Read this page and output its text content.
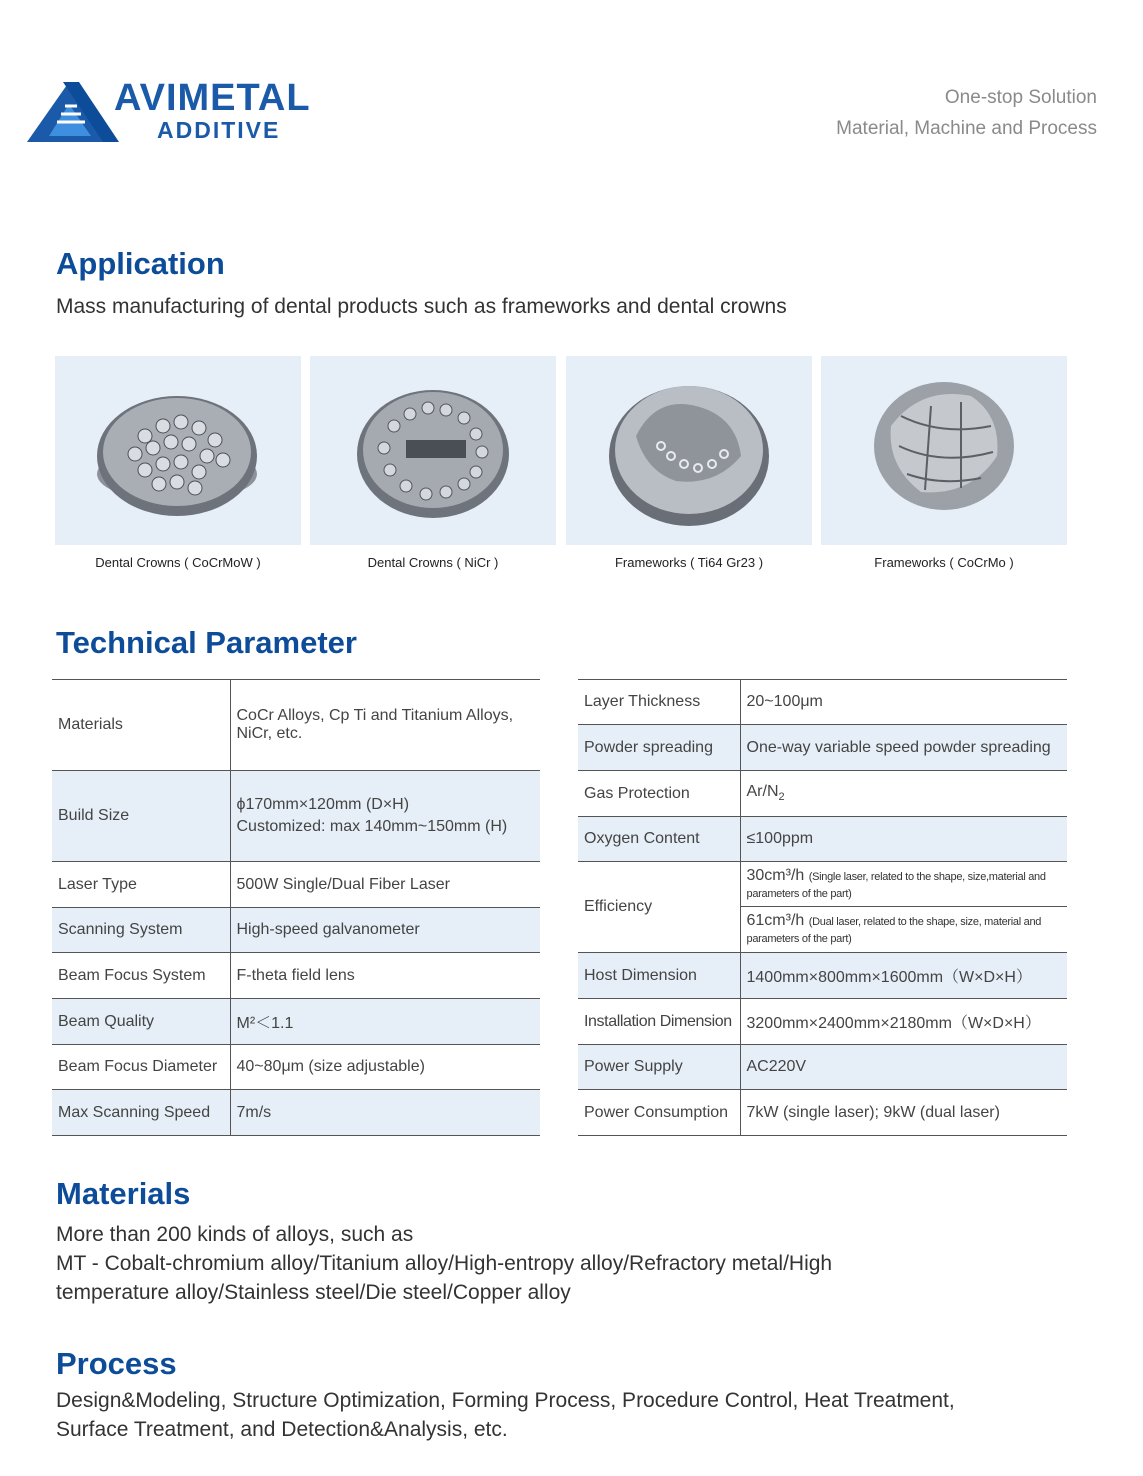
AVIMETAL
ADDITIVE
One-stop Solution
Material, Machine and Process
Application
Mass manufacturing of dental products such as frameworks and dental crowns
Dental Crowns ( CoCrMoW )	Dental Crowns ( NiCr )	Frameworks ( Ti64 Gr23 )	Frameworks ( CoCrMo )
Technical Parameter
Materials	CoCr Alloys, Cp Ti and Titanium Alloys,
NiCr, etc.

Build Size	ϕ170mm×120mm (D×H)
Customized: max 140mm~150mm (H)

Laser Type	500W Single/Dual Fiber Laser
Scanning System	High-speed galvanometer
Beam Focus System	F-theta field lens
Beam Quality	M²＜1.1
Beam Focus Diameter	40~80μm (size adjustable)
Max Scanning Speed	7m/s
Layer Thickness	20~100μm
Powder spreading	One-way variable speed powder spreading
Gas Protection	$Ar/N_2$
Oxygen Content	≤100ppm
Efficiency	30cm³/h (Single laser, related to the shape, size,material and parameters of the part)
61cm³/h (Dual laser, related to the shape, size, material and parameters of the part)

Host Dimension	1400mm×800mm×1600mm（W×D×H）
Installation Dimension	3200mm×2400mm×2180mm（W×D×H）
Power Supply	AC220V
Power Consumption	7kW (single laser); 9kW (dual laser)
Materials
More than 200 kinds of alloys, such as
MT - Cobalt-chromium alloy/Titanium alloy/High-entropy alloy/Refractory metal/High
temperature alloy/Stainless steel/Die steel/Copper alloy
Process
Design&Modeling, Structure Optimization, Forming Process, Procedure Control, Heat Treatment,
Surface Treatment, and Detection&Analysis, etc.
